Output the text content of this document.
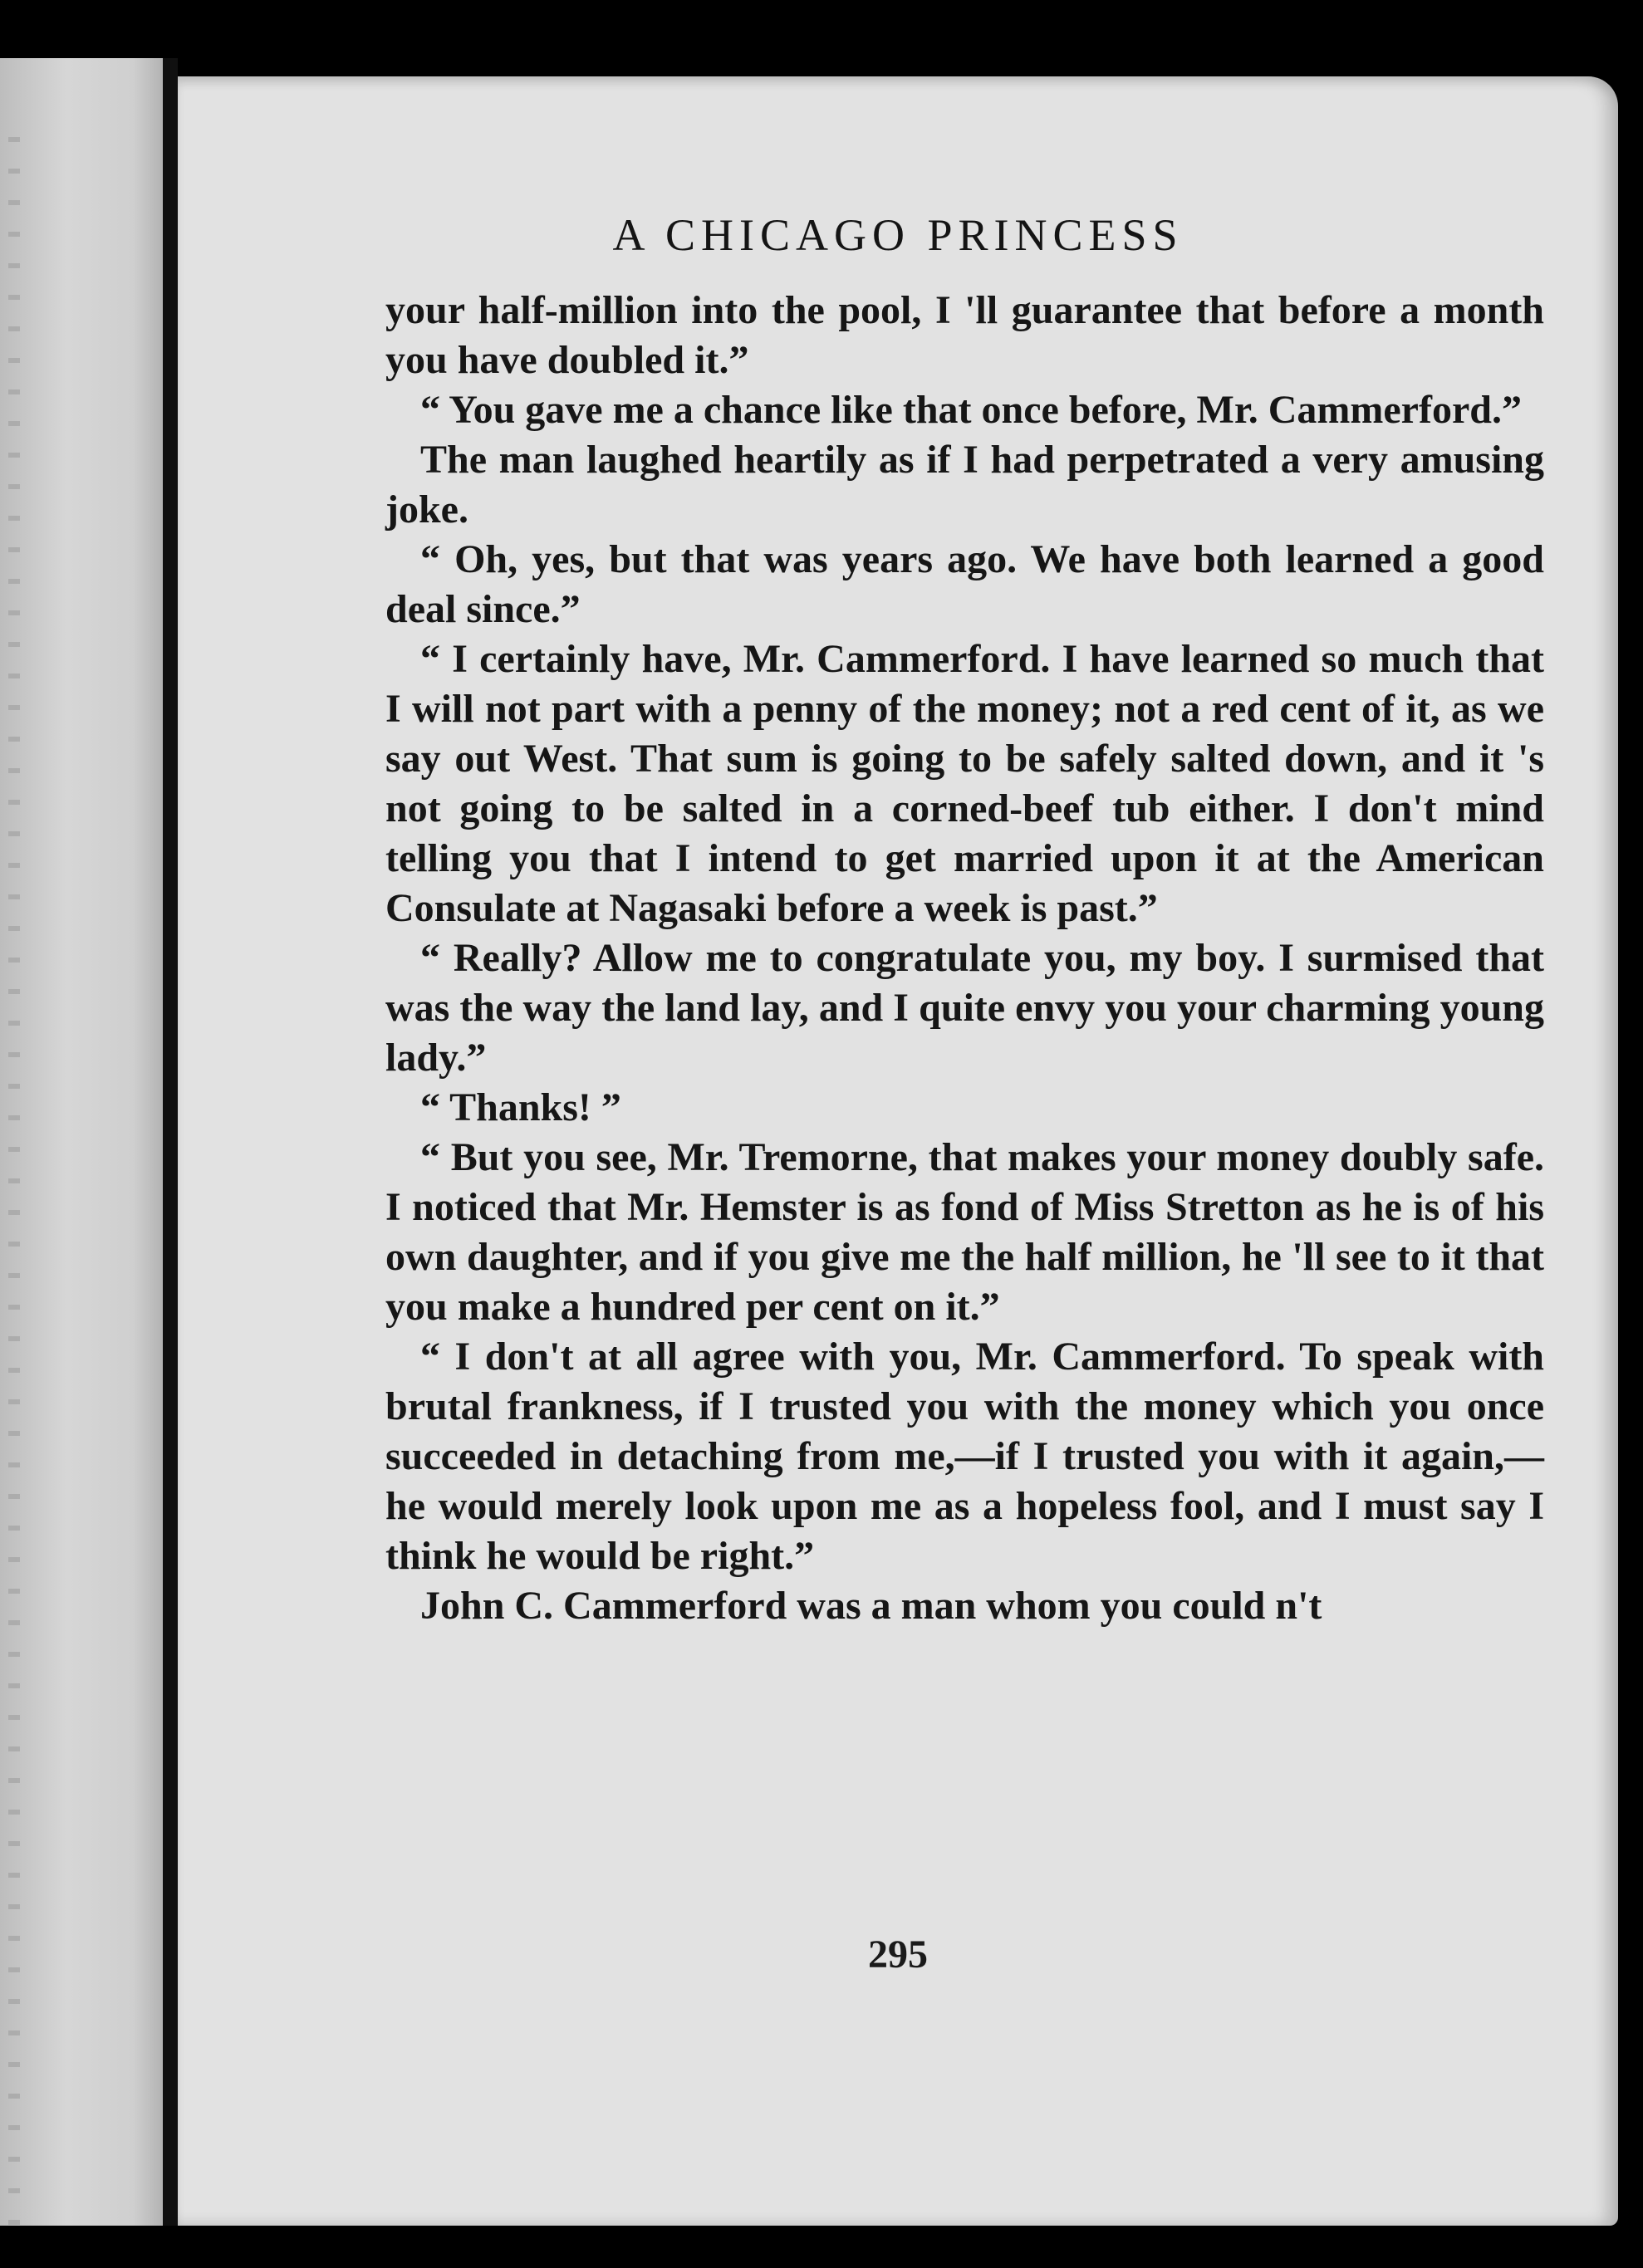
A CHICAGO PRINCESS

your half-million into the pool, I 'll guarantee that before a month you have doubled it.”

“ You gave me a chance like that once before, Mr. Cammerford.”

The man laughed heartily as if I had perpetrated a very amusing joke.

“ Oh, yes, but that was years ago. We have both learned a good deal since.”

“ I certainly have, Mr. Cammerford. I have learned so much that I will not part with a penny of the money; not a red cent of it, as we say out West. That sum is going to be safely salted down, and it 's not going to be salted in a corned-beef tub either. I don't mind telling you that I intend to get married upon it at the American Consulate at Nagasaki before a week is past.”

“ Really? Allow me to congratulate you, my boy. I surmised that was the way the land lay, and I quite envy you your charming young lady.”

“ Thanks! ”

“ But you see, Mr. Tremorne, that makes your money doubly safe. I noticed that Mr. Hemster is as fond of Miss Stretton as he is of his own daughter, and if you give me the half million, he 'll see to it that you make a hundred per cent on it.”

“ I don't at all agree with you, Mr. Cammerford. To speak with brutal frankness, if I trusted you with the money which you once succeeded in detaching from me,—if I trusted you with it again,—he would merely look upon me as a hopeless fool, and I must say I think he would be right.”

John C. Cammerford was a man whom you could n't

295
